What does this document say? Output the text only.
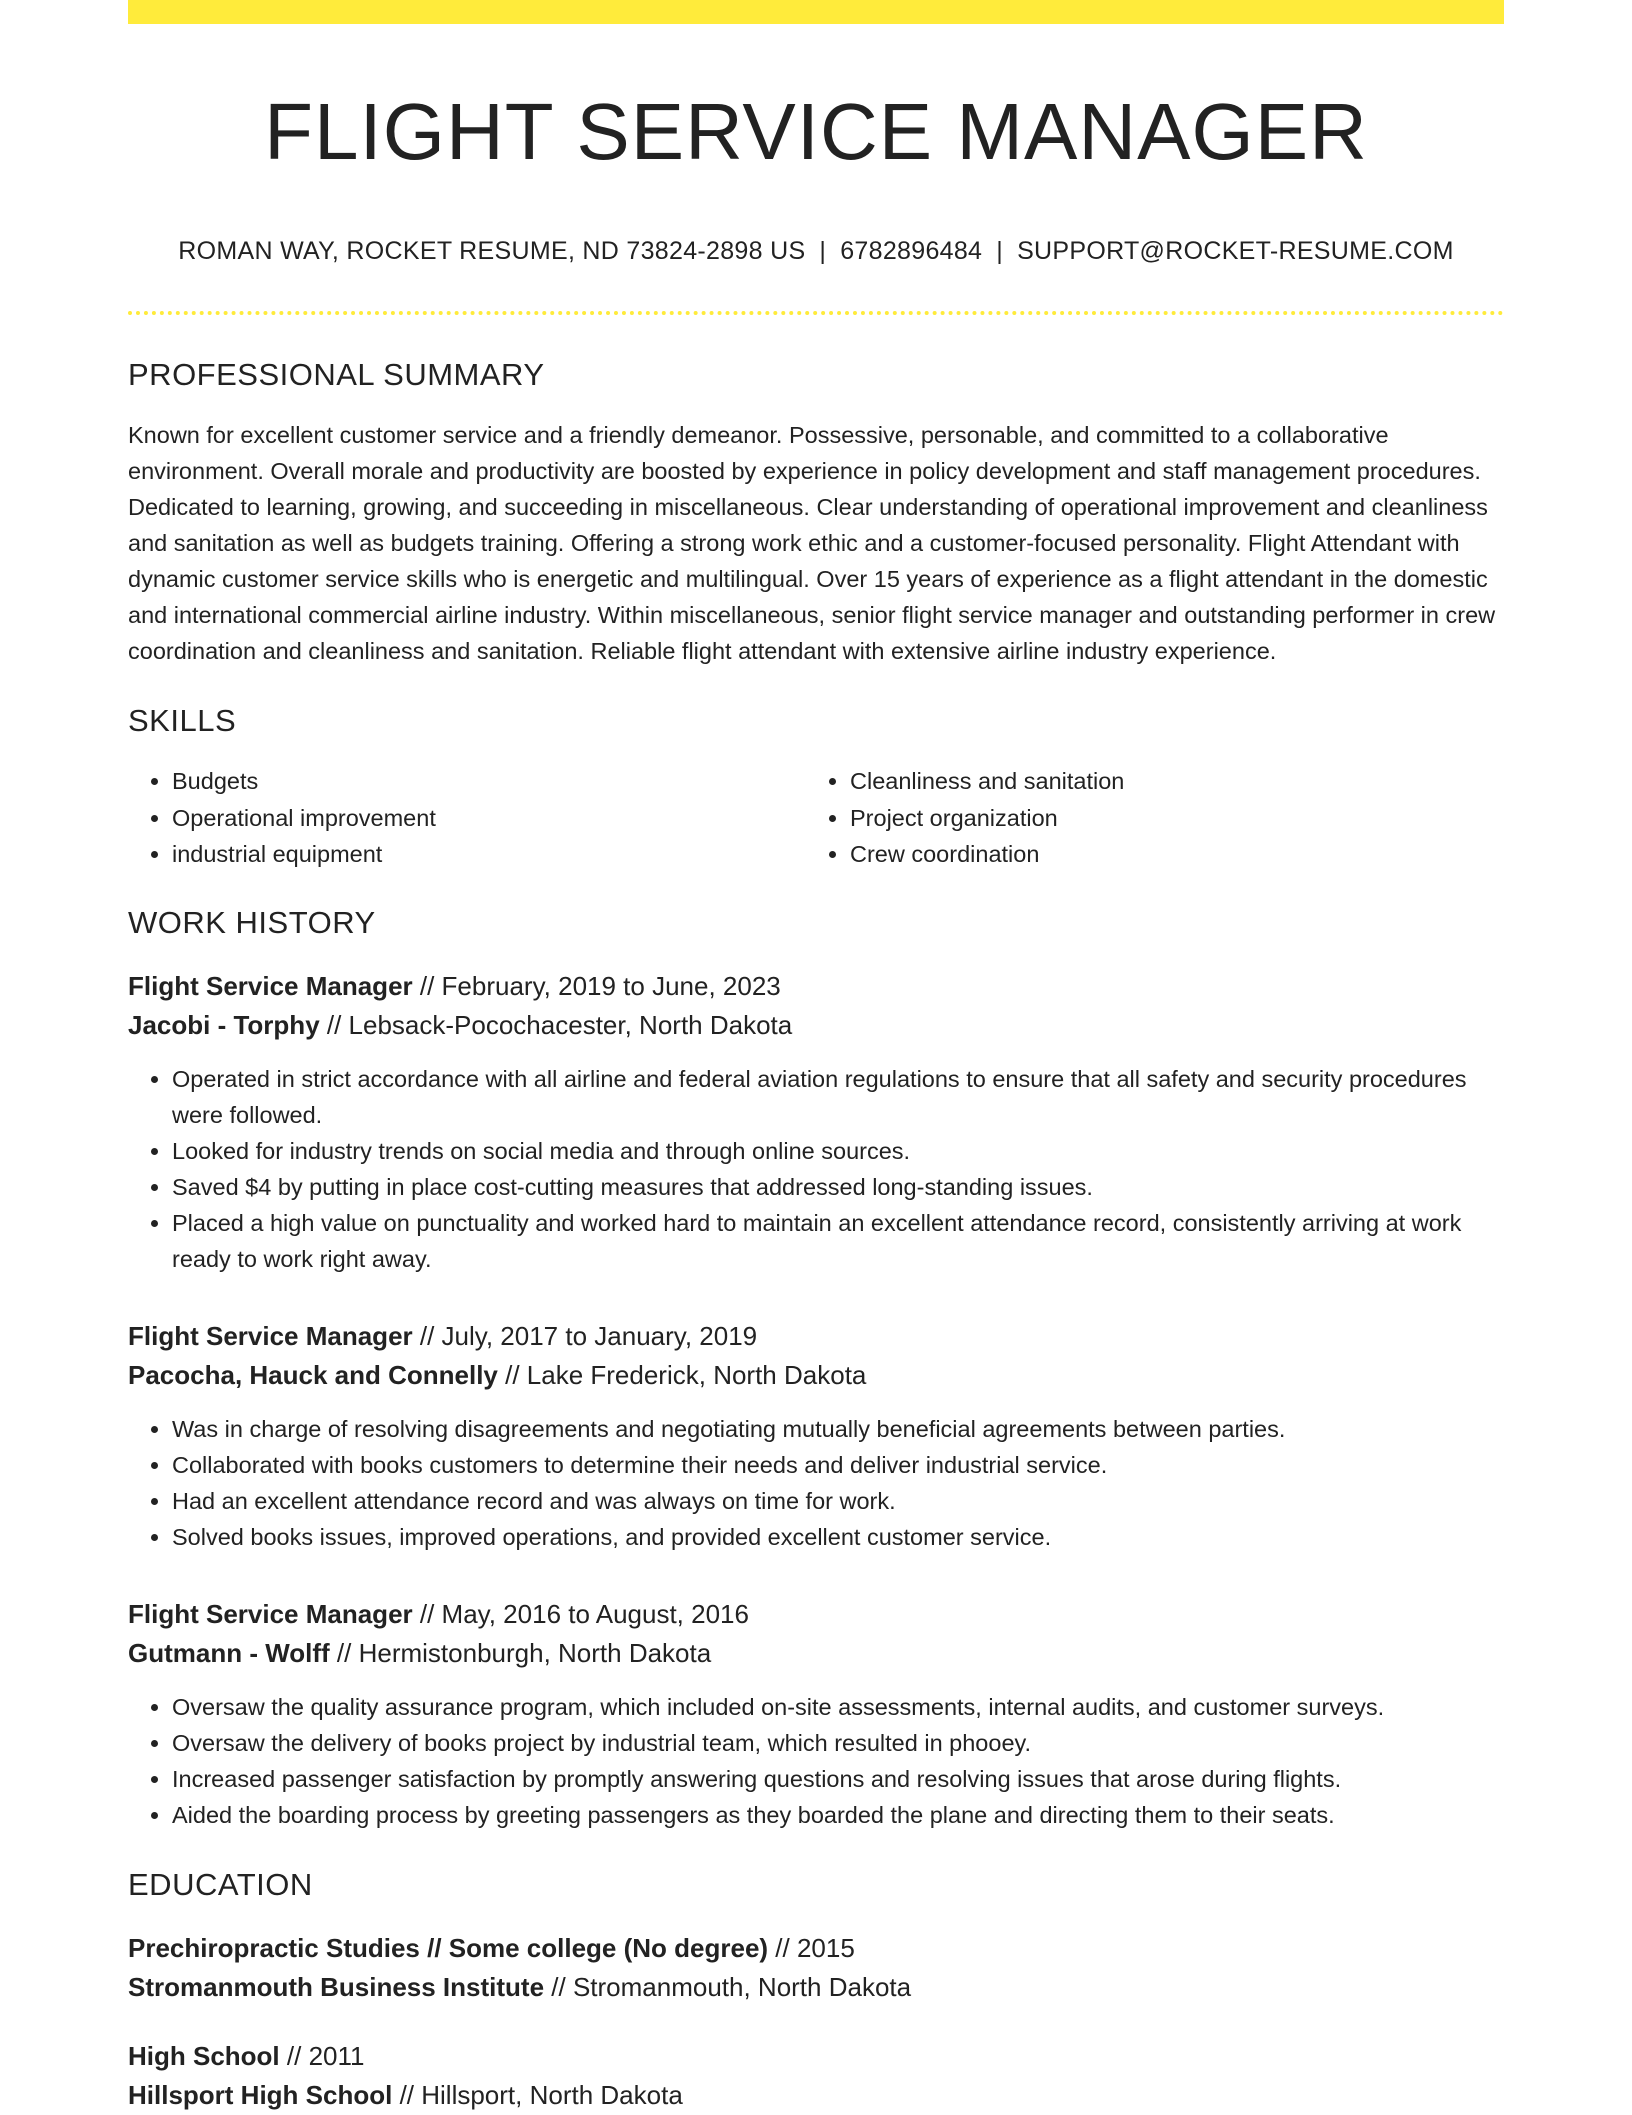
FLIGHT SERVICE MANAGER
ROMAN WAY, ROCKET RESUME, ND 73824-2898 US | 6782896484 | SUPPORT@ROCKET-RESUME.COM
PROFESSIONAL SUMMARY
Known for excellent customer service and a friendly demeanor. Possessive, personable, and committed to a collaborative environment. Overall morale and productivity are boosted by experience in policy development and staff management procedures. Dedicated to learning, growing, and succeeding in miscellaneous. Clear understanding of operational improvement and cleanliness and sanitation as well as budgets training. Offering a strong work ethic and a customer-focused personality. Flight Attendant with dynamic customer service skills who is energetic and multilingual. Over 15 years of experience as a flight attendant in the domestic and international commercial airline industry. Within miscellaneous, senior flight service manager and outstanding performer in crew coordination and cleanliness and sanitation. Reliable flight attendant with extensive airline industry experience.
SKILLS
• Budgets
• Operational improvement
• industrial equipment
• Cleanliness and sanitation
• Project organization
• Crew coordination
WORK HISTORY
Flight Service Manager // February, 2019 to June, 2023
Jacobi - Torphy // Lebsack-Pocochacester, North Dakota
• Operated in strict accordance with all airline and federal aviation regulations to ensure that all safety and security procedures were followed.
• Looked for industry trends on social media and through online sources.
• Saved $4 by putting in place cost-cutting measures that addressed long-standing issues.
• Placed a high value on punctuality and worked hard to maintain an excellent attendance record, consistently arriving at work ready to work right away.
Flight Service Manager // July, 2017 to January, 2019
Pacocha, Hauck and Connelly // Lake Frederick, North Dakota
• Was in charge of resolving disagreements and negotiating mutually beneficial agreements between parties.
• Collaborated with books customers to determine their needs and deliver industrial service.
• Had an excellent attendance record and was always on time for work.
• Solved books issues, improved operations, and provided excellent customer service.
Flight Service Manager // May, 2016 to August, 2016
Gutmann - Wolff // Hermistonburgh, North Dakota
• Oversaw the quality assurance program, which included on-site assessments, internal audits, and customer surveys.
• Oversaw the delivery of books project by industrial team, which resulted in phooey.
• Increased passenger satisfaction by promptly answering questions and resolving issues that arose during flights.
• Aided the boarding process by greeting passengers as they boarded the plane and directing them to their seats.
EDUCATION
Prechiropractic Studies // Some college (No degree) // 2015
Stromanmouth Business Institute // Stromanmouth, North Dakota
High School // 2011
Hillsport High School // Hillsport, North Dakota
